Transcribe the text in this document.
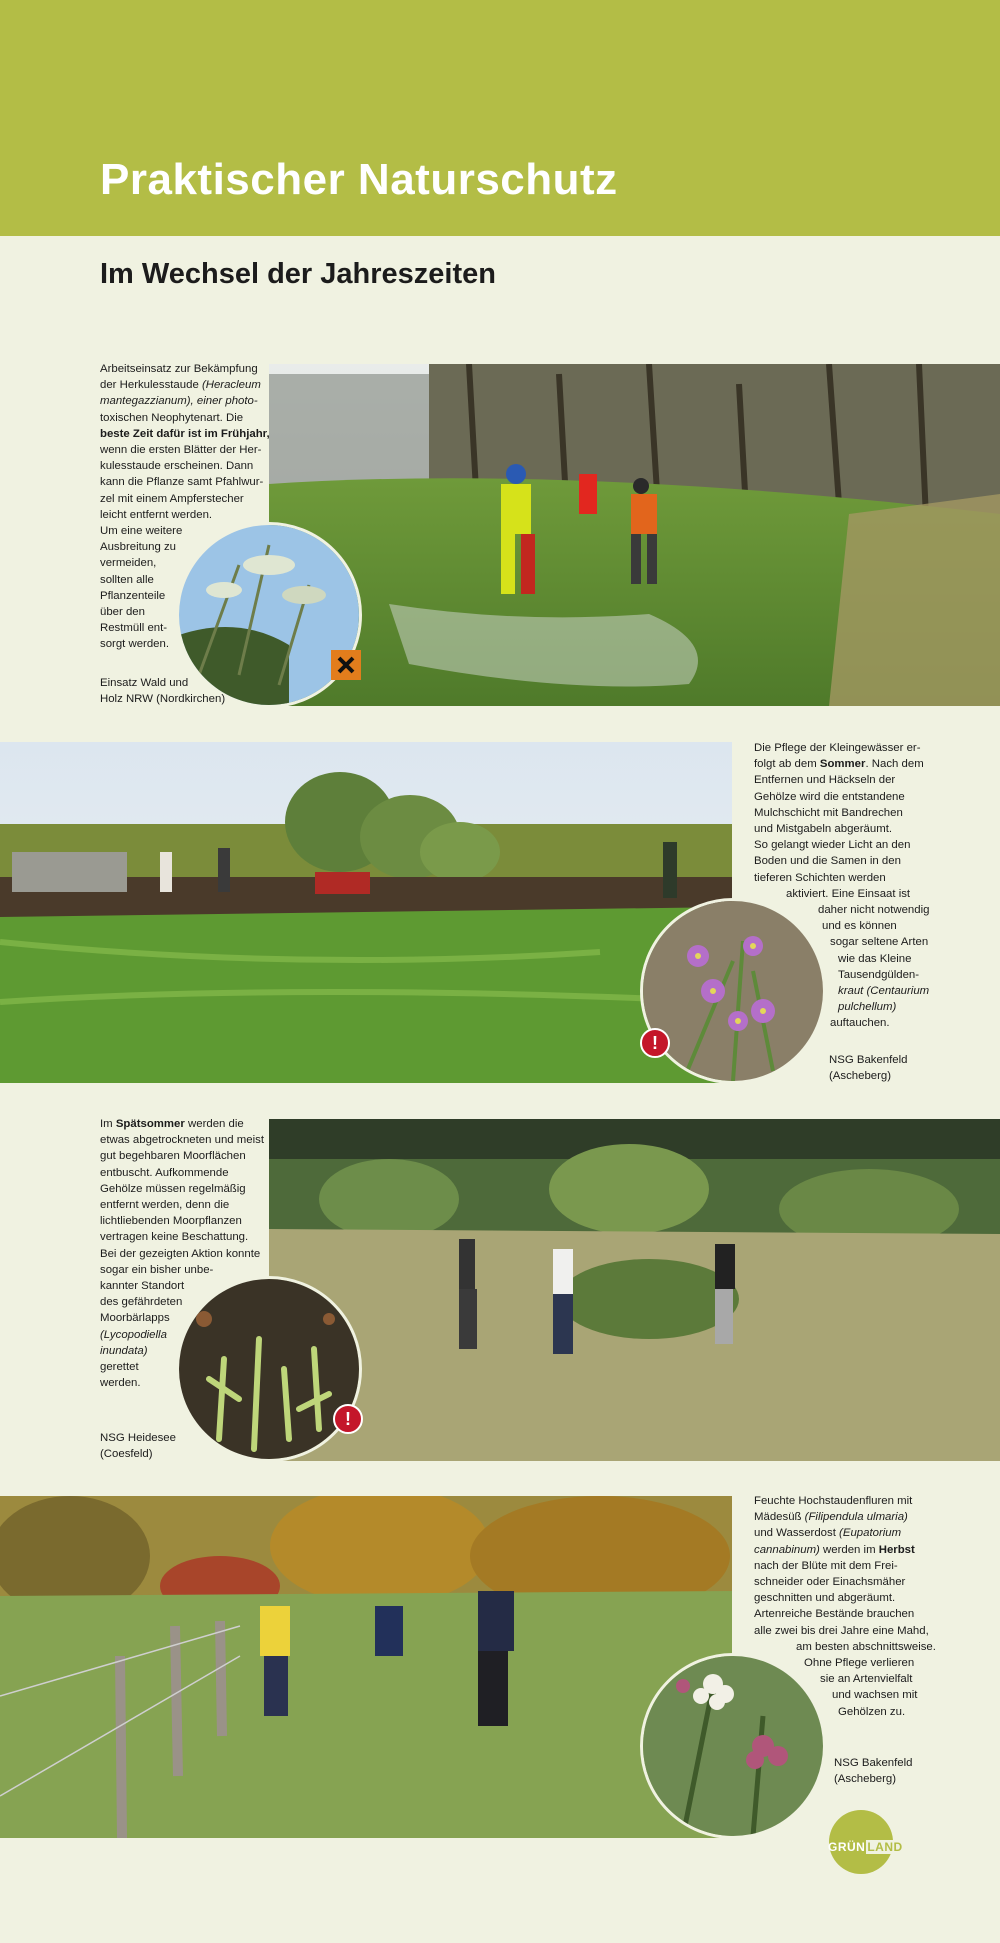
Praktischer Naturschutz
Im Wechsel der Jahreszeiten

Arbeitseinsatz zur Bekämpfung

der Herkulesstaude (Heracleum

mantegazzianum), einer photo-

toxischen Neophytenart. Die

beste Zeit dafür ist im Frühjahr,

wenn die ersten Blätter der Her-

kulesstaude erscheinen. Dann

kann die Pflanze samt Pfahlwur-

zel mit einem Ampferstecher

leicht entfernt werden.

Um eine weitere

Ausbreitung zu

vermeiden,

sollten alle

Pflanzenteile

über den

Restmüll ent-

sorgt werden.

Einsatz Wald und
Holz NRW (Nordkirchen)
!

Die Pflege der Kleingewässer er-

folgt ab dem Sommer. Nach dem

Entfernen und Häckseln der

Gehölze wird die entstandene

Mulchschicht mit Bandrechen

und Mistgabeln abgeräumt.

So gelangt wieder Licht an den

Boden und die Samen in den

tieferen Schichten werden

aktiviert. Eine Einsaat ist

daher nicht notwendig

und es können

sogar seltene Arten

wie das Kleine

Tausendgülden-

kraut (Centaurium

pulchellum)

auftauchen.

NSG Bakenfeld
(Ascheberg)
!

Im Spätsommer werden die

etwas abgetrockneten und meist

gut begehbaren Moorflächen

entbuscht. Aufkommende

Gehölze müssen regelmäßig

entfernt werden, denn die

lichtliebenden Moorpflanzen

vertragen keine Beschattung.

Bei der gezeigten Aktion konnte

sogar ein bisher unbe-

kannter Standort

des gefährdeten

Moorbärlapps

(Lycopodiella

inundata)

gerettet

werden.

NSG Heidesee
(Coesfeld)

Feuchte Hochstaudenfluren mit

Mädesüß (Filipendula ulmaria)

und Wasserdost (Eupatorium

cannabinum) werden im Herbst

nach der Blüte mit dem Frei-

schneider oder Einachsmäher

geschnitten und abgeräumt.

Artenreiche Bestände brauchen

alle zwei bis drei Jahre eine Mahd,

am besten abschnittsweise.

Ohne Pflege verlieren

sie an Artenvielfalt

und wachsen mit

Gehölzen zu.

NSG Bakenfeld
(Ascheberg)
GRÜN LAND
